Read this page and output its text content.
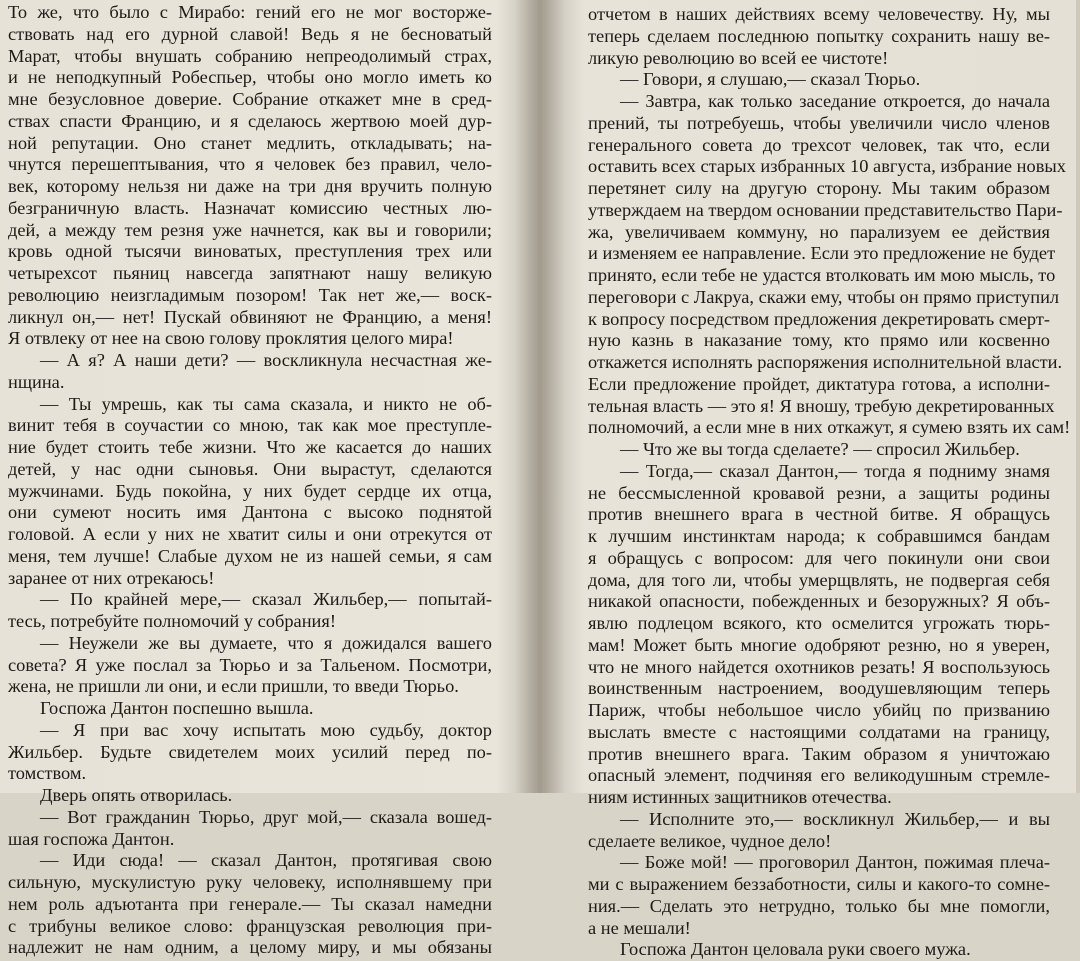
То же, что было с Мирабо: гений его не мог восторже-
ствовать над его дурной славой! Ведь я не бесноватый
Марат, чтобы внушать собранию непреодолимый страх,
и не неподкупный Робеспьер, чтобы оно могло иметь ко
мне безусловное доверие. Собрание откажет мне в сред-
ствах спасти Францию, и я сделаюсь жертвою моей дур-
ной репутации. Оно станет медлить, откладывать; на-
чнутся перешептывания, что я человек без правил, чело-
век, которому нельзя ни даже на три дня вручить полную
безграничную власть. Назначат комиссию честных лю-
дей, а между тем резня уже начнется, как вы и говорили;
кровь одной тысячи виноватых, преступления трех или
четырехсот пьяниц навсегда запятнают нашу великую
революцию неизгладимым позором! Так нет же,— воск-
ликнул он,— нет! Пускай обвиняют не Францию, а меня!
Я отвлеку от нее на свою голову проклятия целого мира!
— А я? А наши дети? — воскликнула несчастная же-
нщина.
— Ты умрешь, как ты сама сказала, и никто не об-
винит тебя в соучастии со мною, так как мое преступле-
ние будет стоить тебе жизни. Что же касается до наших
детей, у нас одни сыновья. Они вырастут, сделаются
мужчинами. Будь покойна, у них будет сердце их отца,
они сумеют носить имя Дантона с высоко поднятой
головой. А если у них не хватит силы и они отрекутся от
меня, тем лучше! Слабые духом не из нашей семьи, я сам
заранее от них отрекаюсь!
— По крайней мере,— сказал Жильбер,— попытай-
тесь, потребуйте полномочий у собрания!
— Неужели же вы думаете, что я дожидался вашего
совета? Я уже послал за Тюрьо и за Тальеном. Посмотри,
жена, не пришли ли они, и если пришли, то введи Тюрьо.
Госпожа Дантон поспешно вышла.
— Я при вас хочу испытать мою судьбу, доктор
Жильбер. Будьте свидетелем моих усилий перед по-
томством.
Дверь опять отворилась.
— Вот гражданин Тюрьо, друг мой,— сказала вошед-
шая госпожа Дантон.
— Иди сюда! — сказал Дантон, протягивая свою
сильную, мускулистую руку человеку, исполнявшему при
нем роль адъютанта при генерале.— Ты сказал намедни
с трибуны великое слово: французская революция при-
надлежит не нам одним, а целому миру, и мы обязаны
отчетом в наших действиях всему человечеству. Ну, мы
теперь сделаем последнюю попытку сохранить нашу ве-
ликую революцию во всей ее чистоте!
— Говори, я слушаю,— сказал Тюрьо.
— Завтра, как только заседание откроется, до начала
прений, ты потребуешь, чтобы увеличили число членов
генерального совета до трехсот человек, так что, если
оставить всех старых избранных 10 августа, избрание новых
перетянет силу на другую сторону. Мы таким образом
утверждаем на твердом основании представительство Пари-
жа, увеличиваем коммуну, но парализуем ее действия
и изменяем ее направление. Если это предложение не будет
принято, если тебе не удастся втолковать им мою мысль, то
переговори с Лакруа, скажи ему, чтобы он прямо приступил
к вопросу посредством предложения декретировать смерт-
ную казнь в наказание тому, кто прямо или косвенно
откажется исполнять распоряжения исполнительной власти.
Если предложение пройдет, диктатура готова, а исполни-
тельная власть — это я! Я вношу, требую декретированных
полномочий, а если мне в них откажут, я сумею взять их сам!
— Что же вы тогда сделаете? — спросил Жильбер.
— Тогда,— сказал Дантон,— тогда я подниму знамя
не бессмысленной кровавой резни, а защиты родины
против внешнего врага в честной битве. Я обращусь
к лучшим инстинктам народа; к собравшимся бандам
я обращусь с вопросом: для чего покинули они свои
дома, для того ли, чтобы умерщвлять, не подвергая себя
никакой опасности, побежденных и безоружных? Я объ-
явлю подлецом всякого, кто осмелится угрожать тюрь-
мам! Может быть многие одобряют резню, но я уверен,
что не много найдется охотников резать! Я воспользуюсь
воинственным настроением, воодушевляющим теперь
Париж, чтобы небольшое число убийц по призванию
выслать вместе с настоящими солдатами на границу,
против внешнего врага. Таким образом я уничтожаю
опасный элемент, подчиняя его великодушным стремле-
ниям истинных защитников отечества.
— Исполните это,— воскликнул Жильбер,— и вы
сделаете великое, чудное дело!
— Боже мой! — проговорил Дантон, пожимая плеча-
ми с выражением беззаботности, силы и какого-то сомне-
ния.— Сделать это нетрудно, только бы мне помогли,
а не мешали!
Госпожа Дантон целовала руки своего мужа.
